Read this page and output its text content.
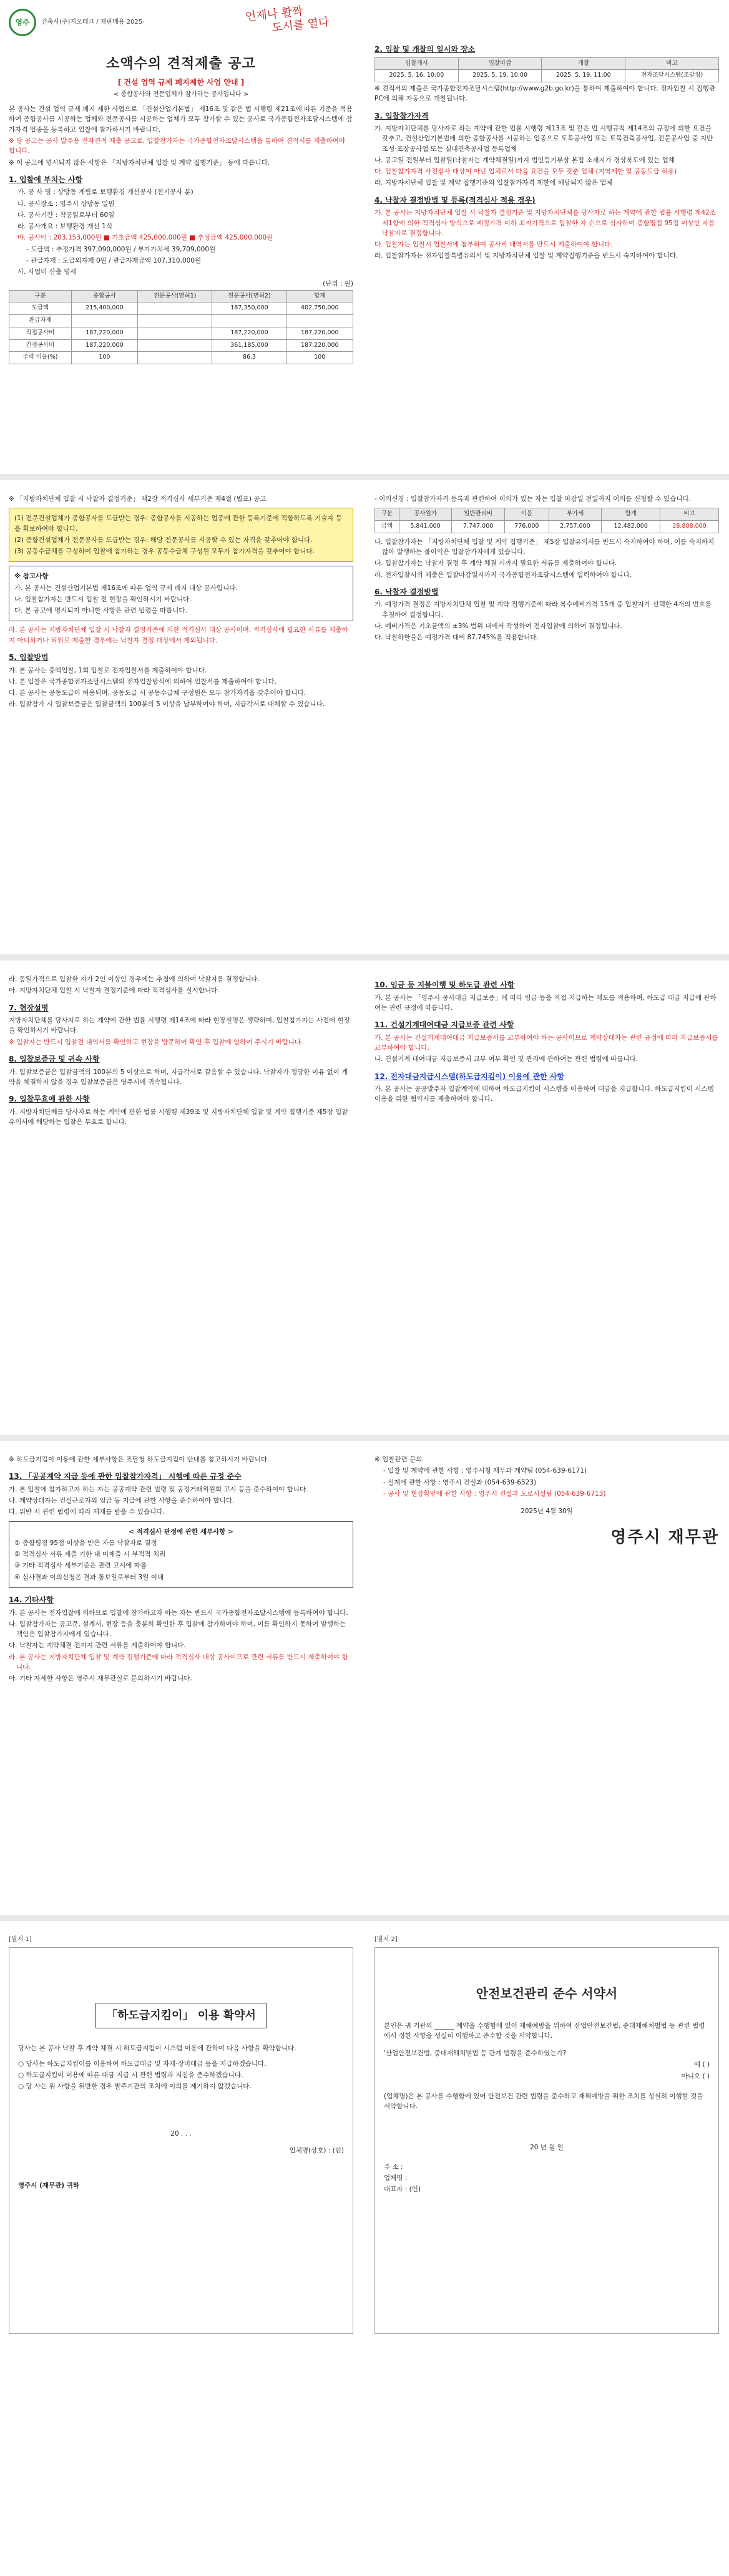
영주	건축사(주)지오테크 / 재판매용 2025-	언제나 활짝
도시를 열다
소액수의 견적제출 공고
[ 건설 업역 규제 폐지제한 사업 안내 ]
< 종합공사와 전문업체가 참가하는 공사입니다 >

본 공사는 건설 업역 규제 폐지 제한 사업으로 「건설산업기본법」 제16조 및 같은 법 시행령 제21조에 따른 기준을 적용하여 종합공사를 시공하는 업체와 전문공사를 시공하는 업체가 모두 참가할 수 있는 공사로 국가종합전자조달시스템에 참가자격 업종을 등록하고 입찰에 참가하시기 바랍니다.

※ 당 공고는 공사 발주용 전자견적 제출 공고로, 입찰참가자는 국가종합전자조달시스템을 통하여 견적서를 제출하여야 합니다.

※ 이 공고에 명시되지 않은 사항은 「지방자치단체 입찰 및 계약 집행기준」 등에 따릅니다.

1. 입찰에 부치는 사항

가. 공 사 명 : 상망동 계림로 보행환경 개선공사 (전기공사 분)

나. 공사장소 : 영주시 상망동 일원

다. 공사기간 : 착공일로부터 60일

라. 공사개요 : 보행환경 개선 1식

바. 공사비 : 203,153,000원 ■ 기초금액 425,000,000원 ■ 추정금액 425,000,000원

- 도급액 : 추정가격 397,090,000원 / 부가가치세 39,709,000원

- 관급자재 : 도급외자재 0원 / 관급자재금액 107,310,000원

사. 사업비 산출 명세

(단위 : 원)

구분	종합공사	전문공사(면허1)	전문공사(면허2)	합계
도급액	215,400,000		187,350,000	402,750,000
관급자재				
직접공사비	187,220,000		187,220,000	187,220,000
간접공사비	187,220,000		361,185,000	187,220,000
주력 비율(%)	100		86.3	100
2. 입찰 및 개찰의 일시와 장소
입찰개시	입찰마감	개찰	비고
2025. 5. 16. 10:00	2025. 5. 19. 10:00	2025. 5. 19. 11:00	전자조달시스템(조달청)

※ 견적서의 제출은 국가종합전자조달시스템(http://www.g2b.go.kr)을 통하여 제출하여야 합니다. 전자입찰 시 집행관 PC에 의해 자동으로 개찰됩니다.

3. 입찰참가자격

가. 지방자치단체를 당사자로 하는 계약에 관한 법률 시행령 제13조 및 같은 법 시행규칙 제14조의 규정에 의한 요건을 갖추고, 건설산업기본법에 의한 종합공사를 시공하는 업종으로 토목공사업 또는 토목건축공사업, 전문공사업 중 지반조성·포장공사업 또는 실내건축공사업 등록업체

나. 공고일 전일부터 입찰일(낙찰자는 계약체결일)까지 법인등기부상 본점 소재지가 경상북도에 있는 업체

다. 입찰참가자격 사전심사 대상이 아닌 업체로서 다음 요건을 모두 갖춘 업체 (지역제한 및 공동도급 허용)

라. 지방자치단체 입찰 및 계약 집행기준의 입찰참가자격 제한에 해당되지 않은 업체

4. 낙찰자 결정방법 및 등록(적격심사 적용 경우)

가. 본 공사는 지방자치단체 입찰 시 낙찰자 결정기준 및 지방자치단체를 당사자로 하는 계약에 관한 법률 시행령 제42조 제1항에 의한 적격심사 방식으로 예정가격 이하 최저가격으로 입찰한 자 순으로 심사하여 종합평점 95점 이상인 자를 낙찰자로 결정합니다.

다. 입찰자는 입찰시 입찰서에 첨부하여 공사비 내역서를 반드시 제출하여야 합니다.

라. 입찰참가자는 전자입찰특별유의서 및 지방자치단체 입찰 및 계약집행기준을 반드시 숙지하여야 합니다.

※ 「지방자치단체 입찰 시 낙찰자 결정기준」 제2장 적격심사 세부기준 제4절 (별표) 공고

(1) 전문건설업체가 종합공사를 도급받는 경우: 종합공사를 시공하는 업종에 관한 등록기준에 적합하도록 기술자 등을 확보하여야 합니다.

(2) 종합건설업체가 전문공사를 도급받는 경우: 해당 전문공사를 시공할 수 있는 자격을 갖추어야 합니다.

(3) 공동수급체를 구성하여 입찰에 참가하는 경우 공동수급체 구성원 모두가 참가자격을 갖추어야 합니다.

※ 참고사항

가. 본 공사는 건설산업기본법 제16조에 따른 업역 규제 폐지 대상 공사입니다.

나. 입찰참가자는 반드시 입찰 전 현장을 확인하시기 바랍니다.

다. 본 공고에 명시되지 아니한 사항은 관련 법령을 따릅니다.

라. 본 공사는 지방자치단체 입찰 시 낙찰자 결정기준에 의한 적격심사 대상 공사이며, 적격심사에 필요한 서류를 제출하지 아니하거나 허위로 제출한 경우에는 낙찰자 결정 대상에서 제외됩니다.

5. 입찰방법

가. 본 공사는 총액입찰, 1회 입찰로 전자입찰서를 제출하여야 합니다.

나. 본 입찰은 국가종합전자조달시스템의 전자입찰방식에 의하여 입찰서를 제출하여야 합니다.

다. 본 공사는 공동도급이 허용되며, 공동도급 시 공동수급체 구성원은 모두 참가자격을 갖추어야 합니다.

라. 입찰참가 시 입찰보증금은 입찰금액의 100분의 5 이상을 납부하여야 하며, 지급각서로 대체할 수 있습니다.

- 이의신청 : 입찰참가자격 등록과 관련하여 이의가 있는 자는 입찰 마감일 전일까지 이의를 신청할 수 있습니다.

구분	공사원가	일반관리비	이윤	부가세	합계	비고
금액	5,841,000	7,747,000	776,000	2,757,000	12,482,000	28,808,000

나. 입찰참가자는 「지방자치단체 입찰 및 계약 집행기준」 제5장 입찰유의서를 반드시 숙지하여야 하며, 이를 숙지하지 않아 발생하는 불이익은 입찰참가자에게 있습니다.

다. 입찰참가자는 낙찰자 결정 후 계약 체결 시까지 필요한 서류를 제출하여야 합니다.

라. 전자입찰서의 제출은 입찰마감일시까지 국가종합전자조달시스템에 입력하여야 합니다.

6. 낙찰자 결정방법

가. 예정가격 결정은 지방자치단체 입찰 및 계약 집행기준에 따라 복수예비가격 15개 중 입찰자가 선택한 4개의 번호를 추첨하여 결정합니다.

나. 예비가격은 기초금액의 ±3% 범위 내에서 작성하여 전자입찰에 의하여 결정됩니다.

다. 낙찰하한율은 예정가격 대비 87.745%를 적용합니다.

라. 동일가격으로 입찰한 자가 2인 이상인 경우에는 추첨에 의하여 낙찰자를 결정합니다.

마. 지방자치단체 입찰 시 낙찰자 결정기준에 따라 적격심사를 실시합니다.

7. 현장설명

지방자치단체를 당사자로 하는 계약에 관한 법률 시행령 제14조에 따라 현장설명은 생략하며, 입찰참가자는 사전에 현장을 확인하시기 바랍니다.

※ 입찰자는 반드시 입찰전 내역서를 확인하고 현장을 방문하여 확인 후 입찰에 임하여 주시기 바랍니다.

8. 입찰보증금 및 귀속 사항

가. 입찰보증금은 입찰금액의 100분의 5 이상으로 하며, 지급각서로 갈음할 수 있습니다. 낙찰자가 정당한 이유 없이 계약을 체결하지 않을 경우 입찰보증금은 영주시에 귀속됩니다.

9. 입찰무효에 관한 사항

가. 지방자치단체를 당사자로 하는 계약에 관한 법률 시행령 제39조 및 지방자치단체 입찰 및 계약 집행기준 제5장 입찰유의서에 해당하는 입찰은 무효로 합니다.

10. 임금 등 지불이행 및 하도급 관련 사항

가. 본 공사는 「영주시 공사대금 지급보증」에 따라 임금 등을 직접 지급하는 제도를 적용하며, 하도급 대금 지급에 관하여는 관련 규정에 따릅니다.

11. 건설기계대여대금 지급보증 관련 사항

가. 본 공사는 건설기계대여대금 지급보증서를 교부하여야 하는 공사이므로 계약상대자는 관련 규정에 따라 지급보증서를 교부하여야 합니다.

나. 건설기계 대여대금 지급보증서 교부 여부 확인 및 관리에 관하여는 관련 법령에 따릅니다.

12. 전자대금지급시스템(하도급지킴이) 이용에 관한 사항

가. 본 공사는 공공발주자 입찰계약에 대하여 하도급지킴이 시스템을 이용하여 대금을 지급합니다. 하도급지킴이 시스템 이용을 위한 협약서를 제출하여야 합니다.

※ 하도급지킴이 이용에 관한 세부사항은 조달청 하도급지킴이 안내를 참고하시기 바랍니다.

13. 「공공계약 지급 등에 관한 입찰참가자격」 시행에 따른 규정 준수

가. 본 입찰에 참가하고자 하는 자는 공공계약 관련 법령 및 공정거래위원회 고시 등을 준수하여야 합니다.

나. 계약상대자는 건설근로자의 임금 등 지급에 관한 사항을 준수하여야 합니다.

다. 위반 시 관련 법령에 따라 제재를 받을 수 있습니다.

< 적격심사 판정에 관한 세부사항 >

① 종합평점 95점 이상을 받은 자를 낙찰자로 결정

② 적격심사 서류 제출 기한 내 미제출 시 부적격 처리

③ 기타 적격심사 세부기준은 관련 고시에 따름

④ 심사결과 이의신청은 결과 통보일로부터 3일 이내

14. 기타사항

가. 본 공사는 전자입찰에 의하므로 입찰에 참가하고자 하는 자는 반드시 국가종합전자조달시스템에 등록하여야 합니다.

나. 입찰참가자는 공고문, 설계서, 현장 등을 충분히 확인한 후 입찰에 참가하여야 하며, 이를 확인하지 못하여 발생하는 책임은 입찰참가자에게 있습니다.

다. 낙찰자는 계약체결 전까지 관련 서류를 제출하여야 합니다.

라. 본 공사는 지방자치단체 입찰 및 계약 집행기준에 따라 적격심사 대상 공사이므로 관련 서류를 반드시 제출하여야 합니다.

마. 기타 자세한 사항은 영주시 재무관실로 문의하시기 바랍니다.

※ 입찰관련 문의

- 입찰 및 계약에 관한 사항 : 영주시청 재무과 계약팀 (054-639-6171)

- 설계에 관한 사항 : 영주시 건설과 (054-639-6523)

- 공사 및 현장확인에 관한 사항 : 영주시 건설과 도로시설팀 (054-639-6713)

2025년 4월 30일

영주시 재무관

[별지 1]

「하도급지킴이」 이용 확약서

당사는 본 공사 낙찰 후 계약 체결 시 하도급지킴이 시스템 이용에 관하여 다음 사항을 확약합니다.

○ 당사는 하도급지킴이를 이용하여 하도급대금 및 자재·장비대금 등을 지급하겠습니다.

○ 하도급지킴이 이용에 따른 대금 지급 시 관련 법령과 지침을 준수하겠습니다.

○ 당 사는 위 사항을 위반한 경우 발주기관의 조치에 이의를 제기하지 않겠습니다.

20 . . .

업체명(상호) : (인)

영주시 (재무관) 귀하

[별지 2]

안전보건관리 준수 서약서

본인은 귀 기관의 ______ 계약을 수행함에 있어 재해예방을 위하여 산업안전보건법, 중대재해처벌법 등 관련 법령에서 정한 사항을 성실히 이행하고 준수할 것을 서약합니다.

'산업안전보건법, 중대재해처벌법 등 관계 법령을 준수하였는가?

예 ( )

아니오 ( )

(업체명)은 본 공사를 수행함에 있어 안전보건 관련 법령을 준수하고 재해예방을 위한 조치를 성실히 이행할 것을 서약합니다.

20 년 월 일

주 소 :

업체명 :

대표자 : (인)
